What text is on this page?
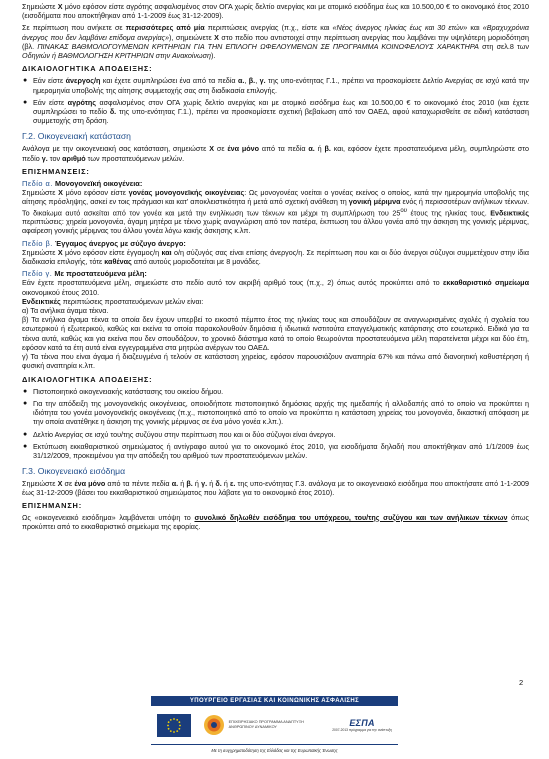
Σημειώστε X μόνο εφόσον είστε αγρότης ασφαλισμένος στον ΟΓΑ χωρίς δελτίο ανεργίας και με ατομικό εισόδημα έως και 10.500,00 € το οικονομικό έτος 2010 (εισοδήματα που αποκτήθηκαν από 1-1-2009 έως 31-12-2009).

Σε περίπτωση που ανήκετε σε περισσότερες από μία περιπτώσεις ανεργίας (π.χ., είστε και «Νέος άνεργος ηλικίας έως και 30 ετών» και «Βραχυχρόνια άνεργος που δεν λαμβάνει επίδομα ανεργίας»), σημειώνετε X στο πεδίο που αντιστοιχεί στην περίπτωση ανεργίας που λαμβάνει την υψηλότερη μοριοδότηση (βλ. ΠΙΝΑΚΑΣ ΒΑΘΜΟΛΟΓΟΥΜΕΝΩΝ ΚΡΙΤΗΡΙΩΝ ΓΙΑ ΤΗΝ ΕΠΙΛΟΓΗ ΩΦΕΛΟΥΜΕΝΩΝ ΣΕ ΠΡΟΓΡΑΜΜΑ ΚΟΙΝΩΦΕΛΟΥΣ ΧΑΡΑΚΤΗΡΑ στη σελ.8 των Οδηγιών ή ΒΑΘΜΟΛΟΓΗΣΗ ΚΡΙΤΗΡΙΩΝ στην Ανακοίνωση).

ΔΙΚΑΙΟΛΟΓΗΤΙΚΑ ΑΠΟΔΕΙΞΗΣ:
● Εάν είστε άνεργος/η και έχετε συμπληρώσει ένα από τα πεδία α., β., γ. της υπο-ενότητας Γ.1., πρέπει να προσκομίσετε Δελτίο Ανεργίας σε ισχύ κατά την ημερομηνία υποβολής της αίτησης συμμετοχής σας στη διαδικασία επιλογής.
● Εάν είστε αγρότης ασφαλισμένος στον ΟΓΑ χωρίς δελτίο ανεργίας και με ατομικό εισόδημα έως και 10.500,00 € το οικονομικό έτος 2010 (και έχετε συμπληρώσει το πεδίο δ. της υπο-ενότητας Γ.1.), πρέπει να προσκομίσετε σχετική βεβαίωση από τον ΟΑΕΔ, αφού καταχωρισθείτε σε ειδική κατάσταση συμμετοχής στη δράση.
Γ.2. Οικογενειακή κατάσταση

Ανάλογα με την οικογενειακή σας κατάσταση, σημειώστε Χ σε ένα μόνο από τα πεδία α. ή β. και, εφόσον έχετε προστατευόμενα μέλη, συμπληρώστε στο πεδίο γ. τον αριθμό των προστατευόμενων μελών.

ΕΠΙΣΗΜΑΝΣΕΙΣ:
Πεδίο α. Μονογονεϊκή οικογένεια:

Σημειώστε Χ μόνο εφόσον είστε γονέας μονογονεϊκής οικογένειας: Ως μονογονέας νοείται ο γονέας εκείνος ο οποίος, κατά την ημερομηνία υποβολής της αίτησης πρόσληψης, ασκεί εν τοις πράγμασι και κατ' αποκλειστικότητα ή μετά από σχετική ανάθεση τη γονική μέριμνα ενός ή περισσοτέρων ανήλικων τέκνων. Το δικαίωμα αυτό ασκείται από τον γονέα και μετά την ενηλίκωση των τέκνων και μέχρι τη συμπλήρωση του $25^{o\upsilon}$ έτους της ηλικίας τους. Ενδεικτικές περιπτώσεις: χηρεία μονογονέα, άγαμη μητέρα με τέκνο χωρίς αναγνώριση από τον πατέρα, έκπτωση του άλλου γονέα από την άσκηση της γονικής μέριμνας, αφαίρεση γονικής μέριμνας του άλλου γονέα λόγω κακής άσκησης κ.λπ.

Πεδίο β. Έγγαμος άνεργος με σύζυγο άνεργο:

Σημειώστε Χ μόνο εφόσον είστε έγγαμος/η και ο/η σύζυγός σας είναι επίσης άνεργος/η. Σε περίπτωση που και οι δύο άνεργοι σύζυγοι συμμετέχουν στην ίδια διαδικασία επιλογής, τότε καθένας από αυτούς μοριοδοτείται με 8 μονάδες.

Πεδίο γ. Με προστατευόμενα μέλη:

Εάν έχετε προστατευόμενα μέλη, σημειώστε στο πεδίο αυτό τον ακριβή αριθμό τους (π.χ., 2) όπως αυτός προκύπτει από το εκκαθαριστικό σημείωμα οικονομικού έτους 2010.

Ενδεικτικές περιπτώσεις προστατευόμενων μελών είναι:

α) Τα ανήλικα άγαμα τέκνα.

β) Τα ενήλικα άγαμα τέκνα τα οποία δεν έχουν υπερβεί το εικοστό πέμπτο έτος της ηλικίας τους και σπουδάζουν σε αναγνωρισμένες σχολές ή σχολεία του εσωτερικού ή εξωτερικού, καθώς και εκείνα τα οποία παρακολουθούν δημόσια ή ιδιωτικά ινστιτούτα επαγγελματικής κατάρτισης στο εσωτερικό. Ειδικά για τα τέκνα αυτά, καθώς και για εκείνα που δεν σπουδάζουν, το χρονικό διάστημα κατά το οποίο θεωρούνται προστατευόμενα μέλη παρατείνεται μέχρι και δύο έτη, εφόσον κατά τα έτη αυτά είναι εγγεγραμμένα στα μητρώα ανέργων του ΟΑΕΔ.

γ) Τα τέκνα που είναι άγαμα ή διαζευγμένα ή τελούν σε κατάσταση χηρείας, εφόσον παρουσιάζουν αναπηρία 67% και πάνω από διανοητική καθυστέρηση ή φυσική αναπηρία κ.λπ.

ΔΙΚΑΙΟΛΟΓΗΤΙΚΑ ΑΠΟΔΕΙΞΗΣ:
● Πιστοποιητικό οικογενειακής κατάστασης του οικείου δήμου.
● Για την απόδειξη της μονογονεϊκής οικογένειας, οποιοδήποτε πιστοποιητικό δημόσιας αρχής της ημεδαπής ή αλλοδαπής από το οποίο να προκύπτει η ιδιότητα του γονέα μονογονεϊκής οικογένειας (π.χ., πιστοποιητικό από το οποίο να προκύπτει η κατάσταση χηρείας του μονογονέα, δικαστική απόφαση με την οποία ανατέθηκε η άσκηση της γονικής μέριμνας σε ένα μόνο γονέα κ.λπ.).
● Δελτίο Ανεργίας σε ισχύ του/της συζύγου στην περίπτωση που και οι δύο σύζυγοι είναι άνεργοι.
● Εκτύπωση εκκαθαριστικού σημειώματος ή αντίγραφο αυτού για το οικονομικό έτος 2010, για εισοδήματα δηλαδή που αποκτήθηκαν από 1/1/2009 έως 31/12/2009, προκειμένου για την απόδειξη του αριθμού των προστατευόμενων μελών.
Γ.3. Οικογενειακό εισόδημα

Σημειώστε Χ σε ένα μόνο από τα πέντε πεδία α. ή β. ή γ. ή δ. ή ε. της υπο-ενότητας Γ.3. ανάλογα με το οικογενειακό εισόδημα που αποκτήσατε από 1-1-2009 έως 31-12-2009 (βάσει του εκκαθαριστικού σημειώματος που λάβατε για το οικονομικό έτος 2010).

ΕΠΙΣΗΜΑΝΣΗ:

Ως «οικογενειακό εισόδημα» λαμβάνεται υπόψη το συνολικό δηλωθέν εισόδημα του υπόχρεου, του/της συζύγου και των ανήλικων τέκνων όπως προκύπτει από το εκκαθαριστικό σημείωμα της εφορίας.

2
ΥΠΟΥΡΓΕΙΟ ΕΡΓΑΣΙΑΣ ΚΑΙ ΚΟΙΝΩΝΙΚΗΣ ΑΣΦΑΛΙΣΗΣ
ΕΠΙΧΕΙΡΗΣΙΑΚΟ ΠΡΟΓΡΑΜΜΑ ΑΝΑΠΤΥΞΗ ΑΝΘΡΩΠΙΝΟΥ ΔΥΝΑΜΙΚΟΥ	ΕΣΠΑ
2007-2013 πρόγραμμα για την ανάπτυξη
Με τη συγχρηματοδότηση της Ελλάδας και της Ευρωπαϊκής Ένωσης
